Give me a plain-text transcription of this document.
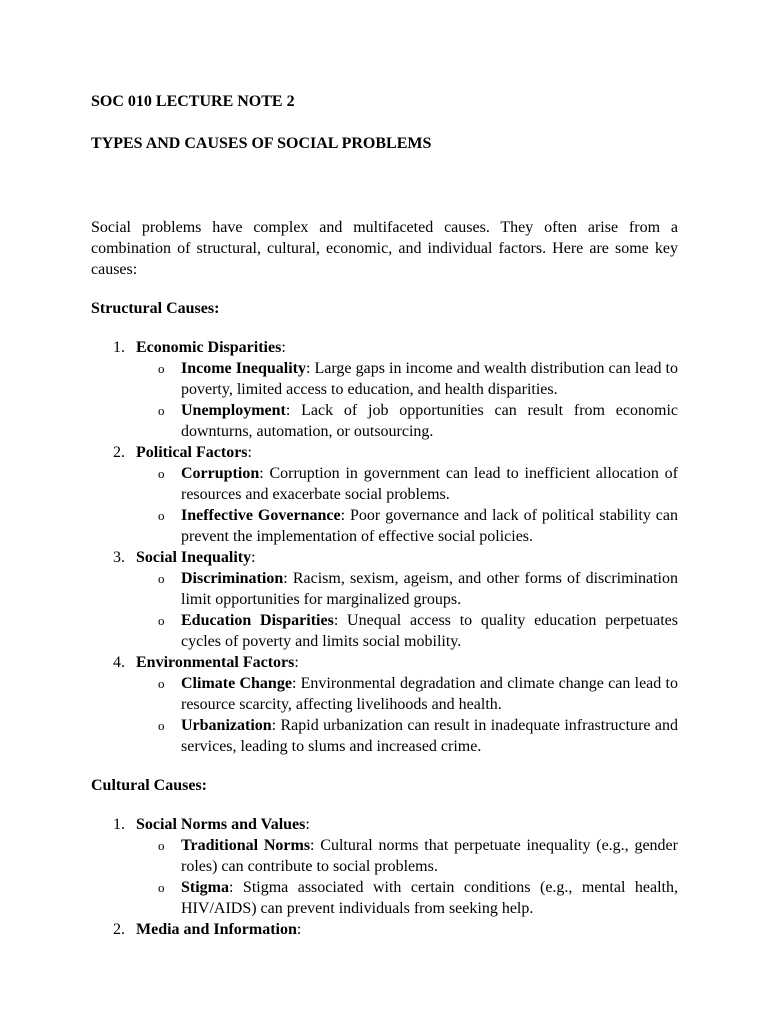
SOC 010 LECTURE NOTE 2

TYPES AND CAUSES OF SOCIAL PROBLEMS

Social problems have complex and multifaceted causes. They often arise from a combination of structural, cultural, economic, and individual factors. Here are some key causes:

Structural Causes:

1. Economic Disparities:
o Income Inequality: Large gaps in income and wealth distribution can lead to poverty, limited access to education, and health disparities.
o Unemployment: Lack of job opportunities can result from economic downturns, automation, or outsourcing.
2. Political Factors:
o Corruption: Corruption in government can lead to inefficient allocation of resources and exacerbate social problems.
o Ineffective Governance: Poor governance and lack of political stability can prevent the implementation of effective social policies.
3. Social Inequality:
o Discrimination: Racism, sexism, ageism, and other forms of discrimination limit opportunities for marginalized groups.
o Education Disparities: Unequal access to quality education perpetuates cycles of poverty and limits social mobility.
4. Environmental Factors:
o Climate Change: Environmental degradation and climate change can lead to resource scarcity, affecting livelihoods and health.
o Urbanization: Rapid urbanization can result in inadequate infrastructure and services, leading to slums and increased crime.

Cultural Causes:

1. Social Norms and Values:
o Traditional Norms: Cultural norms that perpetuate inequality (e.g., gender roles) can contribute to social problems.
o Stigma: Stigma associated with certain conditions (e.g., mental health, HIV/AIDS) can prevent individuals from seeking help.
2. Media and Information:
